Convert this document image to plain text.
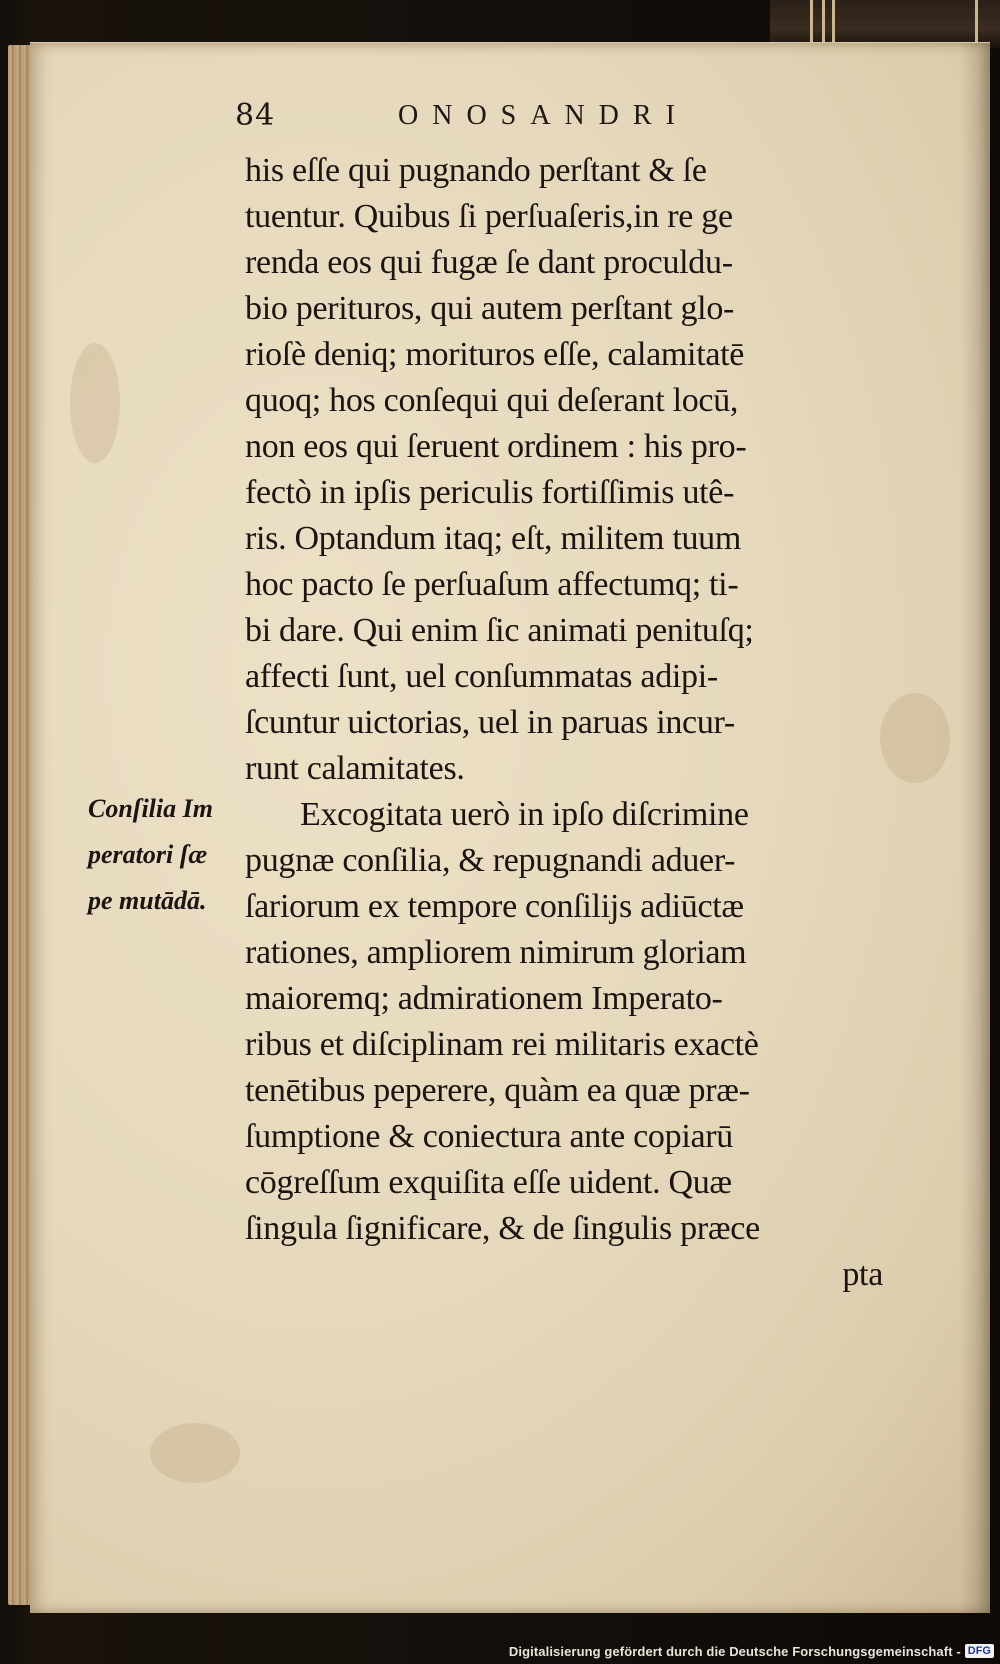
84	ONOSANDRI
his eſſe qui pugnando perſtant & ſe
tuentur. Quibus ſi perſuaſeris,in re ge
renda eos qui fugæ ſe dant proculdu-
bio perituros, qui autem perſtant glo-
rioſè deniq; morituros eſſe, calamitatē
quoq; hos conſequi qui deſerant locū,
non eos qui ſeruent ordinem : his pro-
fectò in ipſis periculis fortiſſimis utê-
ris. Optandum itaq; eſt, militem tuum
hoc pacto ſe perſuaſum affectumq; ti-
bi dare. Qui enim ſic animati penituſq;
affecti ſunt, uel conſummatas adipi-
ſcuntur uictorias, uel in paruas incur-
runt calamitates.
Excogitata uerò in ipſo diſcrimine
pugnæ conſilia, & repugnandi aduer-
ſariorum ex tempore conſilijs adiūctæ
rationes, ampliorem nimirum gloriam
maioremq; admirationem Imperato-
ribus et diſciplinam rei militaris exactè
tenētibus peperere, quàm ea quæ præ-
ſumptione & coniectura ante copiarū
cōgreſſum exquiſita eſſe uident. Quæ
ſingula ſignificare, & de ſingulis præce
pta
Conſilia Im
peratori ſæ
pe mutādā.
Digitalisierung gefördert durch die Deutsche Forschungsgemeinschaft - DFG
